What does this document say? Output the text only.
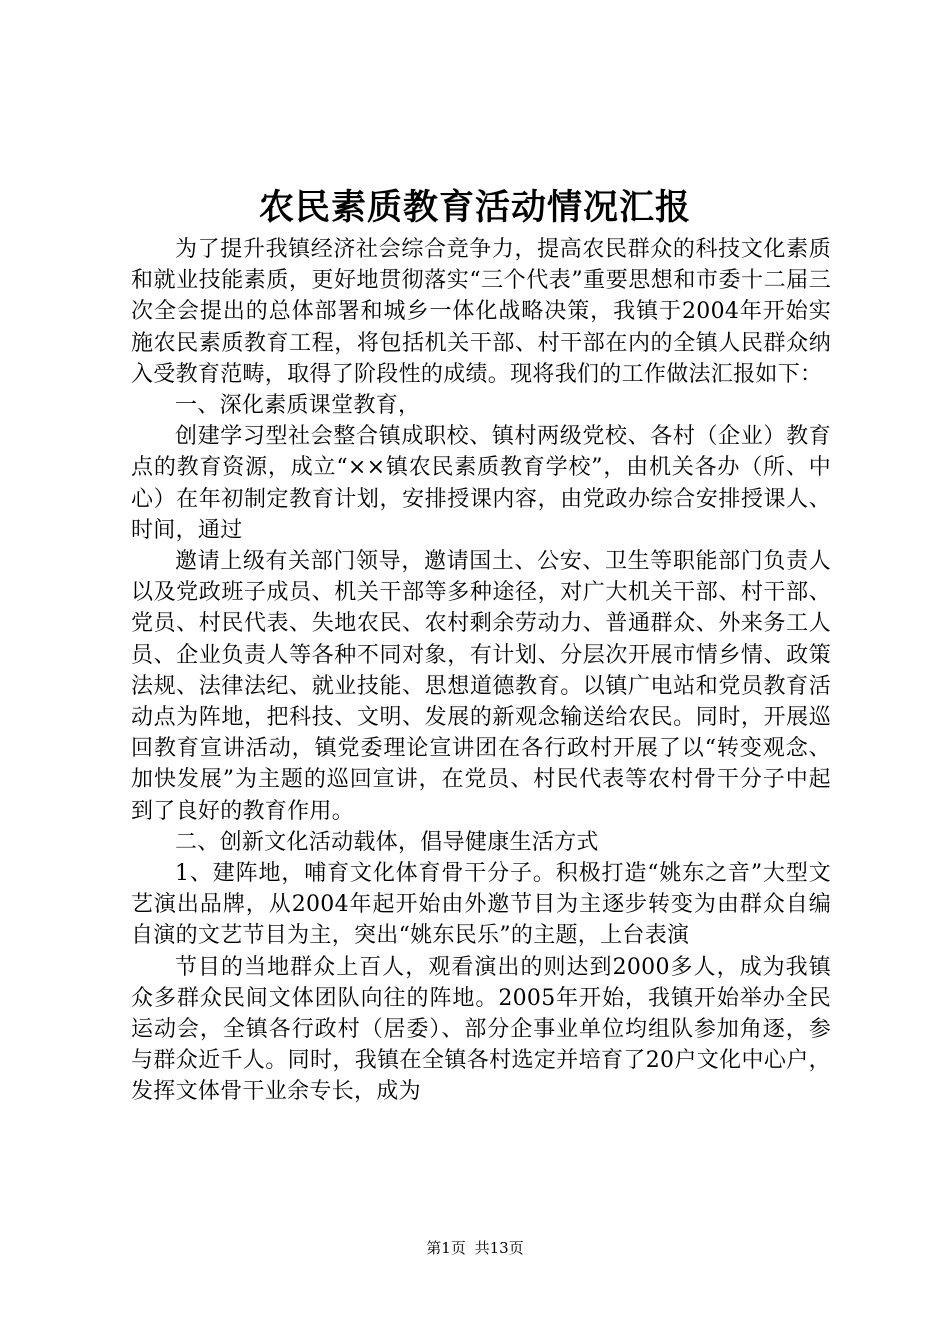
农民素质教育活动情况汇报

为了提升我镇经济社会综合竞争力，提高农民群众的科技文化素质和就业技能素质，更好地贯彻落实“三个代表”重要思想和市委十二届三次全会提出的总体部署和城乡一体化战略决策，我镇于2004年开始实施农民素质教育工程，将包括机关干部、村干部在内的全镇人民群众纳入受教育范畴，取得了阶段性的成绩。现将我们的工作做法汇报如下：

一、深化素质课堂教育，

创建学习型社会整合镇成职校、镇村两级党校、各村（企业）教育点的教育资源，成立“××镇农民素质教育学校”，由机关各办（所、中心）在年初制定教育计划，安排授课内容，由党政办综合安排授课人、时间，通过

邀请上级有关部门领导，邀请国土、公安、卫生等职能部门负责人以及党政班子成员、机关干部等多种途径，对广大机关干部、村干部、党员、村民代表、失地农民、农村剩余劳动力、普通群众、外来务工人员、企业负责人等各种不同对象，有计划、分层次开展市情乡情、政策法规、法律法纪、就业技能、思想道德教育。以镇广电站和党员教育活动点为阵地，把科技、文明、发展的新观念输送给农民。同时，开展巡回教育宣讲活动，镇党委理论宣讲团在各行政村开展了以“转变观念、加快发展”为主题的巡回宣讲，在党员、村民代表等农村骨干分子中起到了良好的教育作用。

二、创新文化活动载体，倡导健康生活方式

1、建阵地，哺育文化体育骨干分子。积极打造“姚东之音”大型文艺演出品牌，从2004年起开始由外邀节目为主逐步转变为由群众自编自演的文艺节目为主，突出“姚东民乐”的主题，上台表演

节目的当地群众上百人，观看演出的则达到2000多人，成为我镇众多群众民间文体团队向往的阵地。2005年开始，我镇开始举办全民运动会，全镇各行政村（居委）、部分企事业单位均组队参加角逐，参与群众近千人。同时，我镇在全镇各村选定并培育了20户文化中心户，发挥文体骨干业余专长，成为

第1页 共13页
